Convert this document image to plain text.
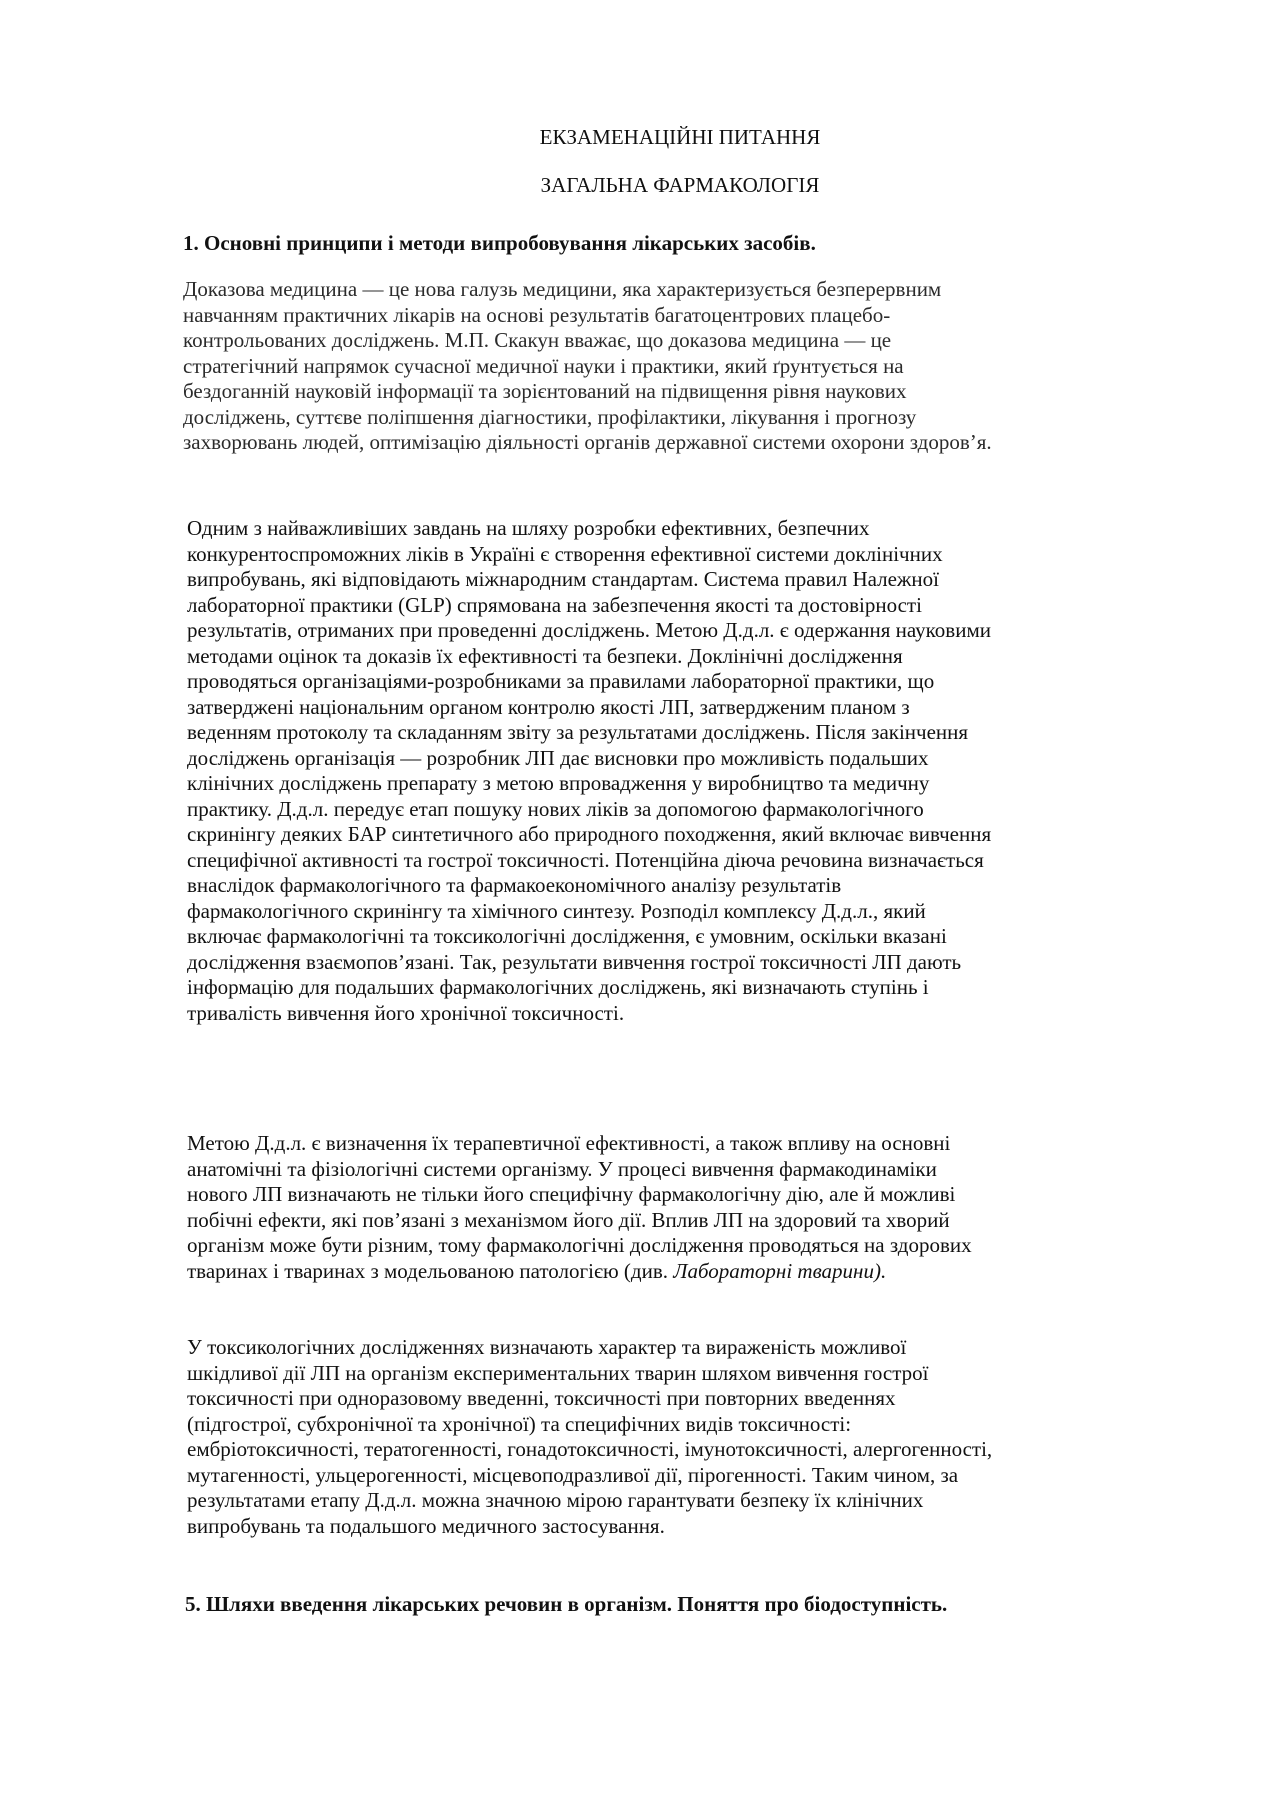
ЕКЗАМЕНАЦІЙНІ ПИТАННЯ
ЗАГАЛЬНА ФАРМАКОЛОГІЯ
1. Основні принципи і методи випробовування лікарських засобів.

Доказова медицина — це нова галузь медицини, яка характеризується безперервним
навчанням практичних лікарів на основі результатів багатоцентрових плацебо-
контрольованих досліджень. М.П. Скакун вважає, що доказова медицина — це
стратегічний напрямок сучасної медичної науки і практики, який ґрунтується на
бездоганній науковій інформації та зорієнтований на підвищення рівня наукових
досліджень, суттєве поліпшення діагностики, профілактики, лікування і прогнозу
захворювань людей, оптимізацію діяльності органів державної системи охорони здоров’я.

Одним з найважливіших завдань на шляху розробки ефективних, безпечних
конкурентоспроможних ліків в Україні є створення ефективної системи доклінічних
випробувань, які відповідають міжнародним стандартам. Система правил Належної
лабораторної практики (GLP) спрямована на забезпечення якості та достовірності
результатів, отриманих при проведенні досліджень. Метою Д.д.л. є одержання науковими
методами оцінок та доказів їх ефективності та безпеки. Доклінічні дослідження
проводяться організаціями-розробниками за правилами лабораторної практики, що
затверджені національним органом контролю якості ЛП, затвердженим планом з
веденням протоколу та складанням звіту за результатами досліджень. Після закінчення
досліджень організація — розробник ЛП дає висновки про можливість подальших
клінічних досліджень препарату з метою впровадження у виробництво та медичну
практику. Д.д.л. передує етап пошуку нових ліків за допомогою фармакологічного
скринінгу деяких БАР синтетичного або природного походження, який включає вивчення
специфічної активності та гострої токсичності. Потенційна діюча речовина визначається
внаслідок фармакологічного та фармакоекономічного аналізу результатів
фармакологічного скринінгу та хімічного синтезу. Розподіл комплексу Д.д.л., який
включає фармакологічні та токсикологічні дослідження, є умовним, оскільки вказані
дослідження взаємопов’язані. Так, результати вивчення гострої токсичності ЛП дають
інформацію для подальших фармакологічних досліджень, які визначають ступінь і
тривалість вивчення його хронічної токсичності.

Метою Д.д.л. є визначення їх терапевтичної ефективності, а також впливу на основні
анатомічні та фізіологічні системи організму. У процесі вивчення фармакодинаміки
нового ЛП визначають не тільки його специфічну фармакологічну дію, але й можливі
побічні ефекти, які пов’язані з механізмом його дії. Вплив ЛП на здоровий та хворий
організм може бути різним, тому фармакологічні дослідження проводяться на здорових
тваринах і тваринах з модельованою патологією (див. Лабораторні тварини).

У токсикологічних дослідженнях визначають характер та вираженість можливої
шкідливої дії ЛП на організм експериментальних тварин шляхом вивчення гострої
токсичності при одноразовому введенні, токсичності при повторних введеннях
(підгострої, субхронічної та хронічної) та специфічних видів токсичності:
ембріотоксичності, тератогенності, гонадотоксичності, імунотоксичності, алергогенності,
мутагенності, ульцерогенності, місцевоподразливої дії, пірогенності. Таким чином, за
результатами етапу Д.д.л. можна значною мірою гарантувати безпеку їх клінічних
випробувань та подальшого медичного застосування.

5. Шляхи введення лікарських речовин в організм. Поняття про біодоступність.
